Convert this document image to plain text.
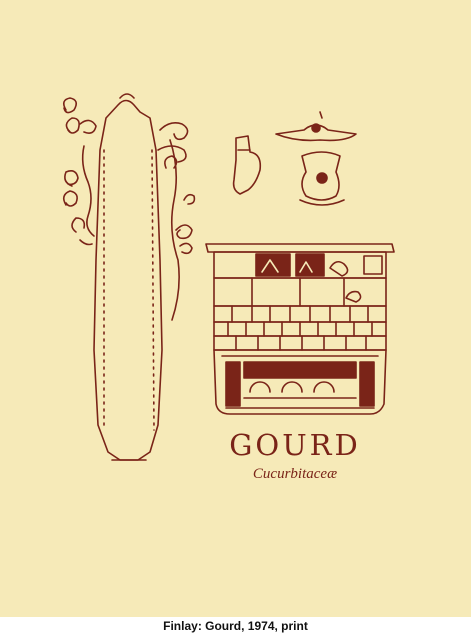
GOURD
Cucurbitaceæ
Finlay: Gourd, 1974, print
